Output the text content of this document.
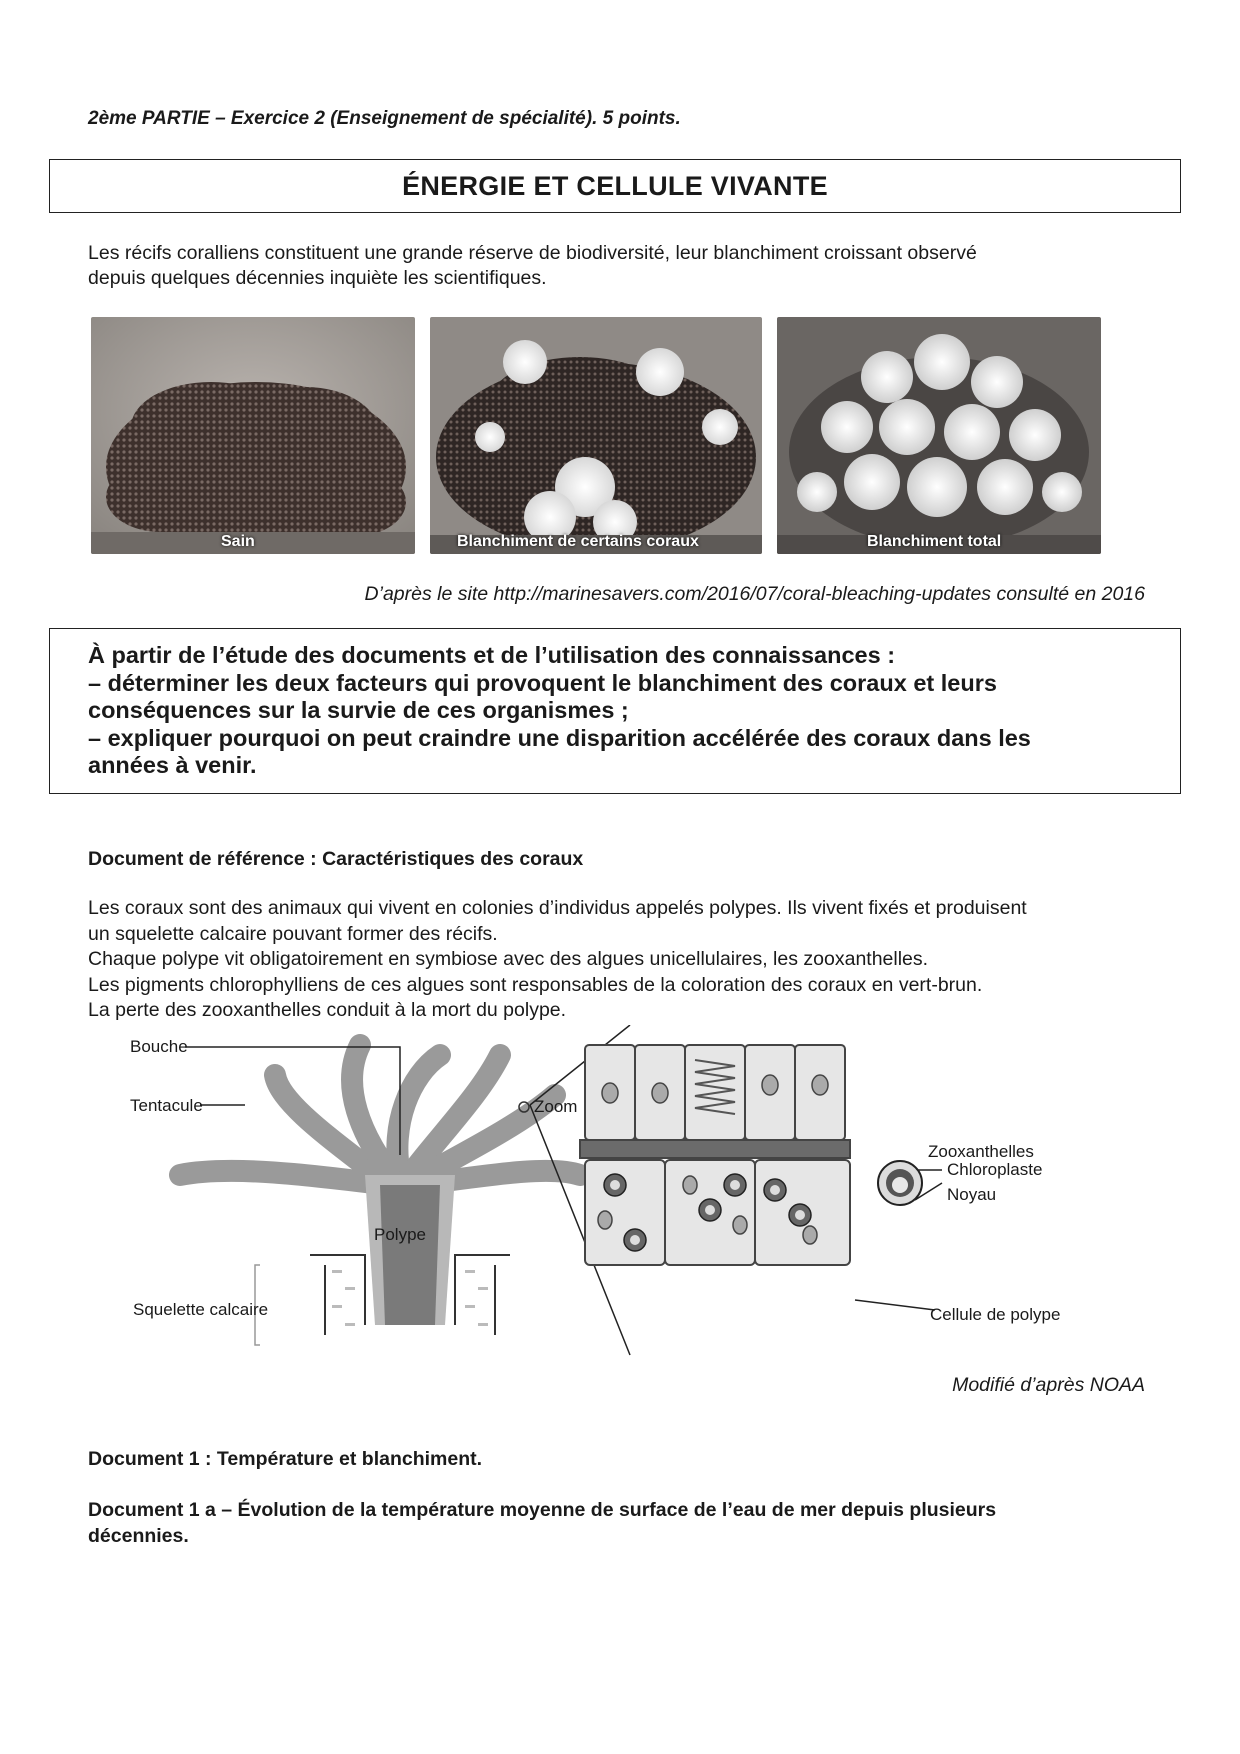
2ème PARTIE – Exercice 2 (Enseignement de spécialité). 5 points.
ÉNERGIE ET CELLULE VIVANTE
Les récifs coralliens constituent une grande réserve de biodiversité, leur blanchiment croissant observé
depuis quelques décennies inquiète les scientifiques.
Sain	Blanchiment de certains coraux	Blanchiment total
D’après le site http://marinesavers.com/2016/07/coral-bleaching-updates consulté en 2016
À partir de l’étude des documents et de l’utilisation des connaissances :
– déterminer les deux facteurs qui provoquent le blanchiment des coraux et leurs
conséquences sur la survie de ces organismes ;
– expliquer pourquoi on peut craindre une disparition accélérée des coraux dans les
années à venir.
Document de référence : Caractéristiques des coraux
Les coraux sont des animaux qui vivent en colonies d’individus appelés polypes. Ils vivent fixés et produisent
un squelette calcaire pouvant former des récifs.
Chaque polype vit obligatoirement en symbiose avec des algues unicellulaires, les zooxanthelles.
Les pigments chlorophylliens de ces algues sont responsables de la coloration des coraux en vert-brun.
La perte des zooxanthelles conduit à la mort du polype.
Bouche
Tentacule
Polype
Squelette calcaire
Zoom
Zooxanthelles
Chloroplaste
Noyau
Cellule de polype
Modifié d’après NOAA
Document 1 : Température et blanchiment.
Document 1 a – Évolution de la température moyenne de surface de l’eau de mer depuis plusieurs
décennies.
